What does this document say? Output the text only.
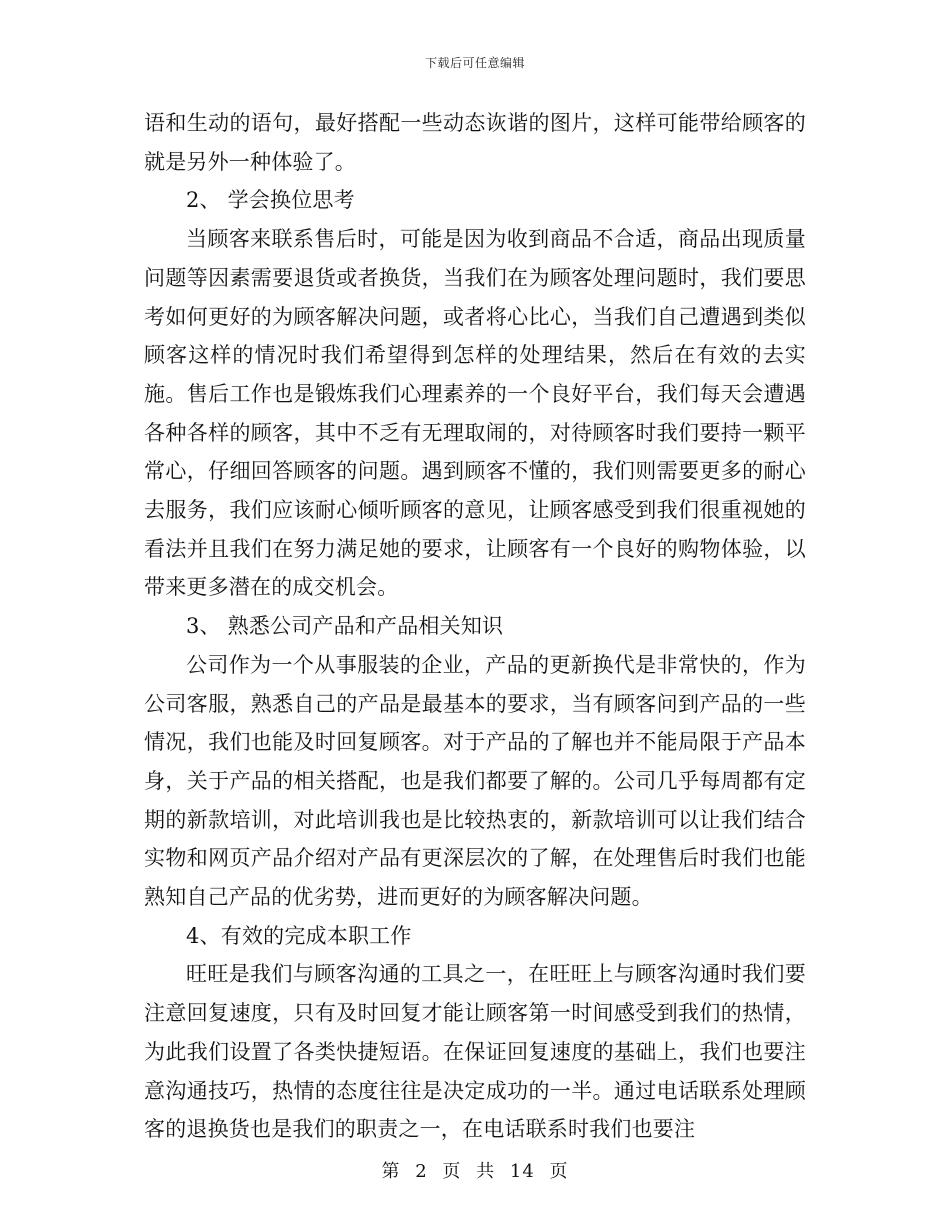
下载后可任意编辑

语和生动的语句，最好搭配一些动态诙谐的图片，这样可能带给顾客的就是另外一种体验了。

2、 学会换位思考

当顾客来联系售后时，可能是因为收到商品不合适，商品出现质量问题等因素需要退货或者换货，当我们在为顾客处理问题时，我们要思考如何更好的为顾客解决问题，或者将心比心，当我们自己遭遇到类似顾客这样的情况时我们希望得到怎样的处理结果，然后在有效的去实施。售后工作也是锻炼我们心理素养的一个良好平台，我们每天会遭遇各种各样的顾客，其中不乏有无理取闹的，对待顾客时我们要持一颗平常心，仔细回答顾客的问题。遇到顾客不懂的，我们则需要更多的耐心去服务，我们应该耐心倾听顾客的意见，让顾客感受到我们很重视她的看法并且我们在努力满足她的要求，让顾客有一个良好的购物体验，以带来更多潜在的成交机会。

3、 熟悉公司产品和产品相关知识

公司作为一个从事服装的企业，产品的更新换代是非常快的，作为公司客服，熟悉自己的产品是最基本的要求，当有顾客问到产品的一些情况，我们也能及时回复顾客。对于产品的了解也并不能局限于产品本身，关于产品的相关搭配，也是我们都要了解的。公司几乎每周都有定期的新款培训，对此培训我也是比较热衷的，新款培训可以让我们结合实物和网页产品介绍对产品有更深层次的了解，在处理售后时我们也能熟知自己产品的优劣势，进而更好的为顾客解决问题。

4、有效的完成本职工作

旺旺是我们与顾客沟通的工具之一，在旺旺上与顾客沟通时我们要注意回复速度，只有及时回复才能让顾客第一时间感受到我们的热情，为此我们设置了各类快捷短语。在保证回复速度的基础上，我们也要注意沟通技巧，热情的态度往往是决定成功的一半。通过电话联系处理顾客的退换货也是我们的职责之一，在电话联系时我们也要注

第 2 页 共 14 页
